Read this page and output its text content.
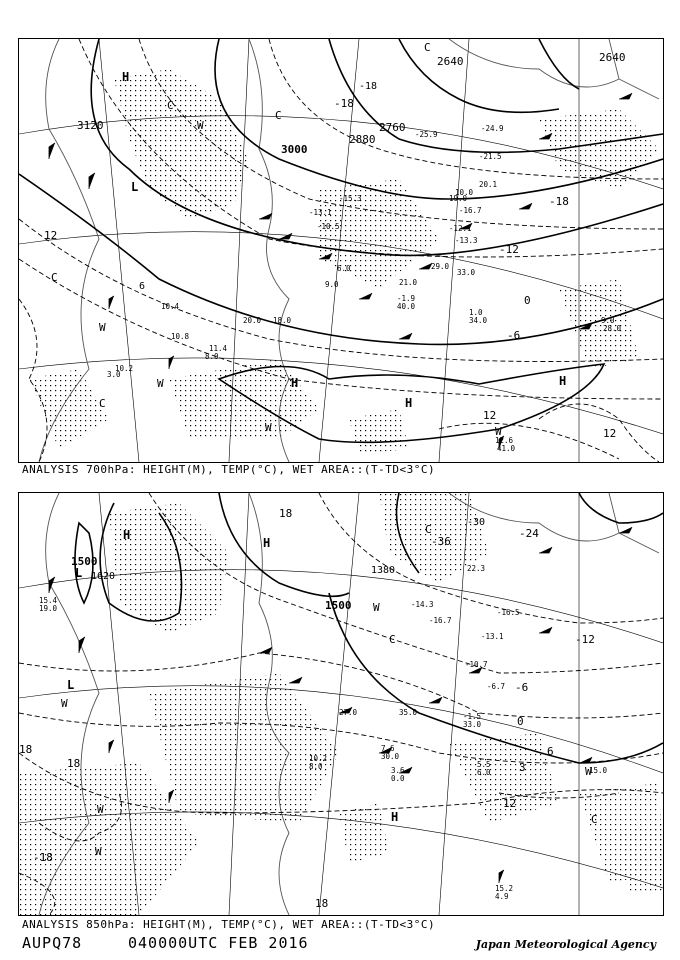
3120
3000
2880
2760
2640	2640
12
-18
-12
0
-6
12
12
-18
-18
6
H
L
H
H
H
C
C
C
W
W
W	W
C
C
W
3.0
10.2
11.4
8.0
10.4
10.8
20.0 18.0
-1.9
40.0
1.0
34.0	9.0
28.0
12.6
41.0
-21.5
-16.7
-12.1
-13.3
29.0
33.0
21.0
-24.9
-25.9
20.1
19.0
10.0
-15.3
-13.1
-10.5
6.0
9.0
ANALYSIS 700hPa: HEIGHT(M), TEMP(°C), WET AREA::(T-TD<3°C)
1500
1620
1500
1380
18
-24
-36
-12
-6
0
6
12
18
18
-18
3
18
-30
H
L
H
L
C
W
W
H	C
W
C
W
W
15.4
19.0
22.3
-16.5
-10.7
-1.5
33.0
15.0
15.2
4.9
7.6
30.0
5.5
6.0
3.6
0.0
35.0
27.0
10.2
8.0
-14.3
-16.7
-13.1
-6.7
ANALYSIS 850hPa: HEIGHT(M), TEMP(°C), WET AREA::(T-TD<3°C)
AUPQ78	040000UTC FEB 2016	Japan Meteorological Agency
